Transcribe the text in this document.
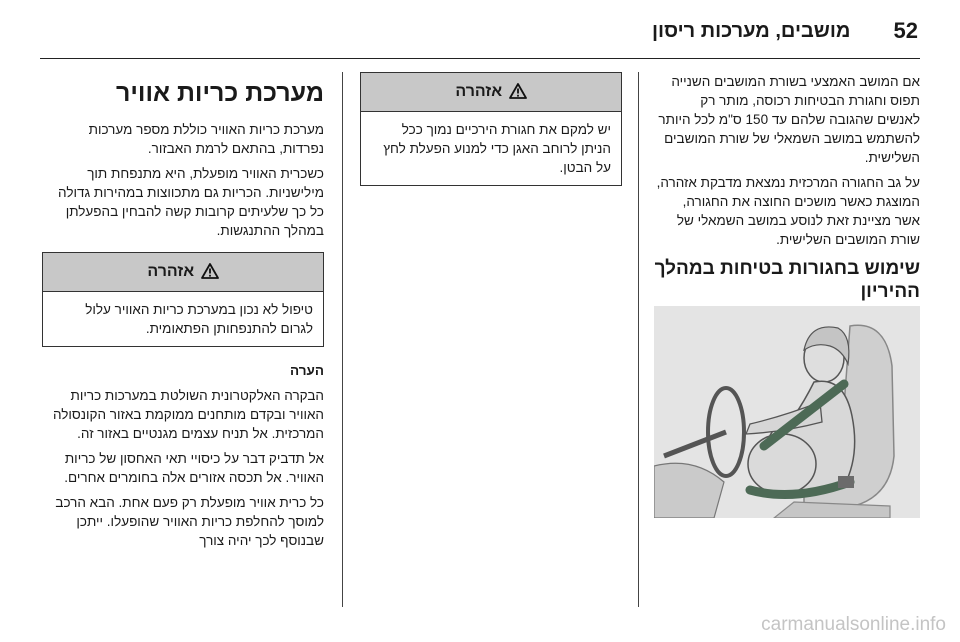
52
מושבים, מערכות ריסון

אם המושב האמצעי בשורת המושבים השנייה תפוס וחגורת הבטיחות רכוסה, מותר רק לאנשים שהגובה שלהם עד 150 ס"מ לכל היותר להשתמש במושב השמאלי של שורת המושבים השלישית.

על גב החגורה המרכזית נמצאת מדבקת אזהרה, המוצגת כאשר מושכים החוצה את החגורה, אשר מציינת זאת לנוסע במושב השמאלי של שורת המושבים השלישית.

שימוש בחגורות בטיחות במהלך ההיריון
אזהרה
יש למקם את חגורת הירכיים נמוך ככל הניתן לרוחב האגן כדי למנוע הפעלת לחץ על הבטן.
מערכת כריות אוויר

מערכת כריות האוויר כוללת מספר מערכות נפרדות, בהתאם לרמת האבזור.

כשכרית האוויר מופעלת, היא מתנפחת תוך מילישניות. הכריות גם מתכווצות במהירות גדולה כל כך שלעיתים קרובות קשה להבחין בהפעלתן במהלך ההתנגשות.

אזהרה
טיפול לא נכון במערכת כריות האוויר עלול לגרום להתנפחותן הפתאומית.

הערה

הבקרה האלקטרונית השולטת במערכות כריות האוויר ובקדם מותחנים ממוקמת באזור הקונסולה המרכזית. אל תניח עצמים מגנטיים באזור זה.

אל תדביק דבר על כיסויי תאי האחסון של כריות האוויר. אל תכסה אזורים אלה בחומרים אחרים.

כל כרית אוויר מופעלת רק פעם אחת. הבא הרכב למוסך להחלפת כריות האוויר שהופעלו. ייתכן שבנוסף לכך יהיה צורך

carmanualsonline.info
